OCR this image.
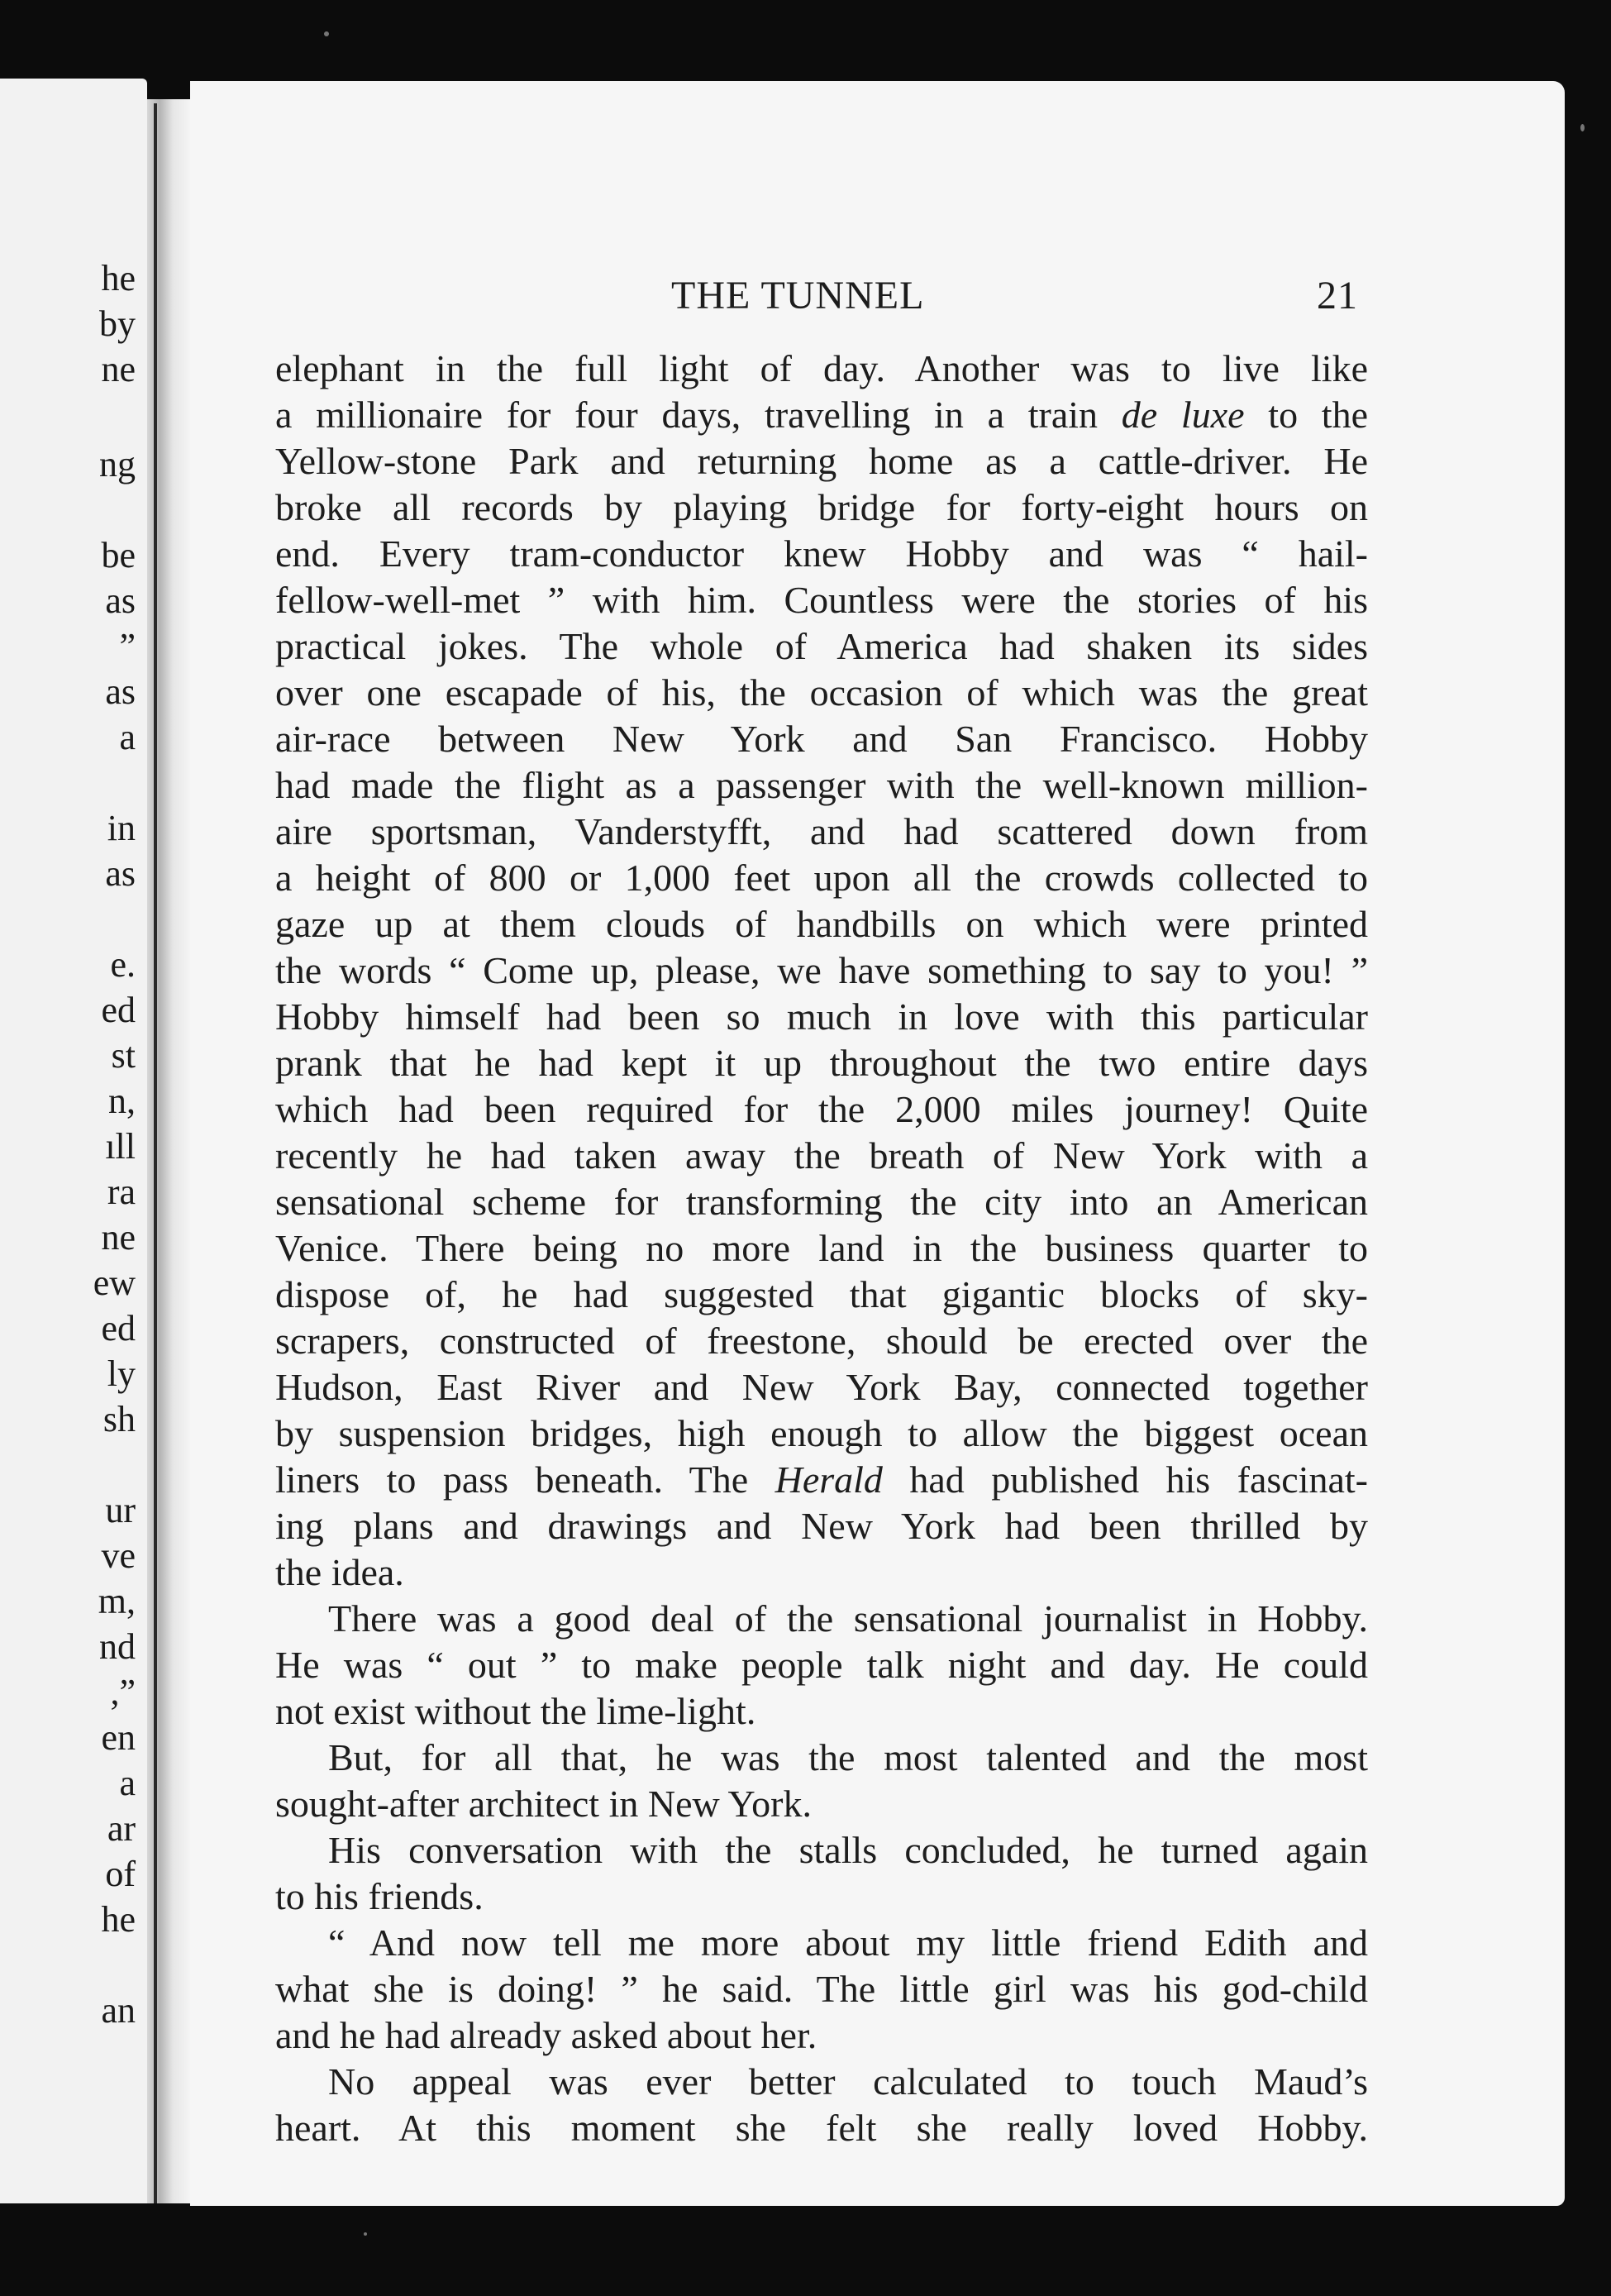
he
by
ne
ng
be
as
”
as
a
in
as
e.
ed
st
n,
ıll
ra
ne
ew
ed
ly
sh
ur
ve
m,
nd
,”
en
a
ar
of
he
an
THE TUNNEL	21
elephant in the full light of day. Another was to live like
a millionaire for four days, travelling in a train de luxe to the
Yellow-stone Park and returning home as a cattle-driver. He
broke all records by playing bridge for forty-eight hours on
end. Every tram-conductor knew Hobby and was “ hail-
fellow-well-met ” with him. Countless were the stories of his
practical jokes. The whole of America had shaken its sides
over one escapade of his, the occasion of which was the great
air-race between New York and San Francisco. Hobby
had made the flight as a passenger with the well-known million-
aire sportsman, Vanderstyfft, and had scattered down from
a height of 800 or 1,000 feet upon all the crowds collected to
gaze up at them clouds of handbills on which were printed
the words “ Come up, please, we have something to say to you! ”
Hobby himself had been so much in love with this particular
prank that he had kept it up throughout the two entire days
which had been required for the 2,000 miles journey! Quite
recently he had taken away the breath of New York with a
sensational scheme for transforming the city into an American
Venice. There being no more land in the business quarter to
dispose of, he had suggested that gigantic blocks of sky-
scrapers, constructed of freestone, should be erected over the
Hudson, East River and New York Bay, connected together
by suspension bridges, high enough to allow the biggest ocean
liners to pass beneath. The Herald had published his fascinat-
ing plans and drawings and New York had been thrilled by
the idea.
There was a good deal of the sensational journalist in Hobby.
He was “ out ” to make people talk night and day. He could
not exist without the lime-light.
But, for all that, he was the most talented and the most
sought-after architect in New York.
His conversation with the stalls concluded, he turned again
to his friends.
“ And now tell me more about my little friend Edith and
what she is doing! ” he said. The little girl was his god-child
and he had already asked about her.
No appeal was ever better calculated to touch Maud’s
heart. At this moment she felt she really loved Hobby.
